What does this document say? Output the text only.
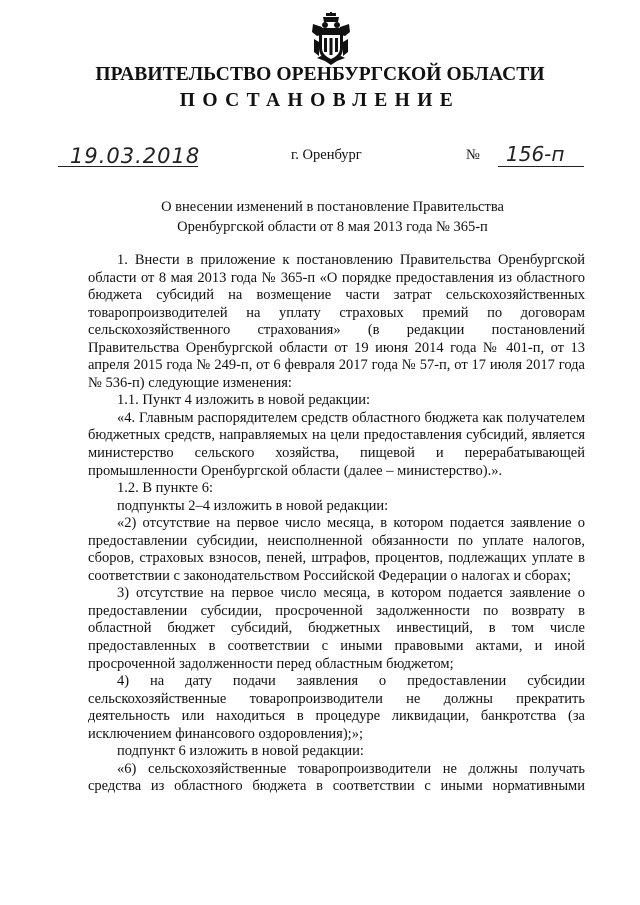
ПРАВИТЕЛЬСТВО ОРЕНБУРГСКОЙ ОБЛАСТИ
ПОСТАНОВЛЕНИЕ
19.03.2018	г. Оренбург	№ 156-п
О внесении изменений в постановление Правительства Оренбургской области от 8 мая 2013 года № 365-п

1. Внести в приложение к постановлению Правительства Оренбургской области от 8 мая 2013 года № 365-п «О порядке предоставления из областного бюджета субсидий на возмещение части затрат сельскохозяйственных товаропроизводителей на уплату страховых премий по договорам сельскохозяйственного страхования» (в редакции постановлений Правительства Оренбургской области от 19 июня 2014 года № 401-п, от 13 апреля 2015 года № 249-п, от 6 февраля 2017 года № 57-п, от 17 июля 2017 года № 536-п) следующие изменения:

1.1. Пункт 4 изложить в новой редакции:

«4. Главным распорядителем средств областного бюджета как получателем бюджетных средств, направляемых на цели предоставления субсидий, является министерство сельского хозяйства, пищевой и перерабатывающей промышленности Оренбургской области (далее – министерство).».

1.2. В пункте 6:

подпункты 2–4 изложить в новой редакции:

«2) отсутствие на первое число месяца, в котором подается заявление о предоставлении субсидии, неисполненной обязанности по уплате налогов, сборов, страховых взносов, пеней, штрафов, процентов, подлежащих уплате в соответствии с законодательством Российской Федерации о налогах и сборах;

3) отсутствие на первое число месяца, в котором подается заявление о предоставлении субсидии, просроченной задолженности по возврату в областной бюджет субсидий, бюджетных инвестиций, в том числе предоставленных в соответствии с иными правовыми актами, и иной просроченной задолженности перед областным бюджетом;

4) на дату подачи заявления о предоставлении субсидии сельскохозяйственные товаропроизводители не должны прекратить деятельность или находиться в процедуре ликвидации, банкротства (за исключением финансового оздоровления);»;

подпункт 6 изложить в новой редакции:

«6) сельскохозяйственные товаропроизводители не должны получать средства из областного бюджета в соответствии с иными нормативными
